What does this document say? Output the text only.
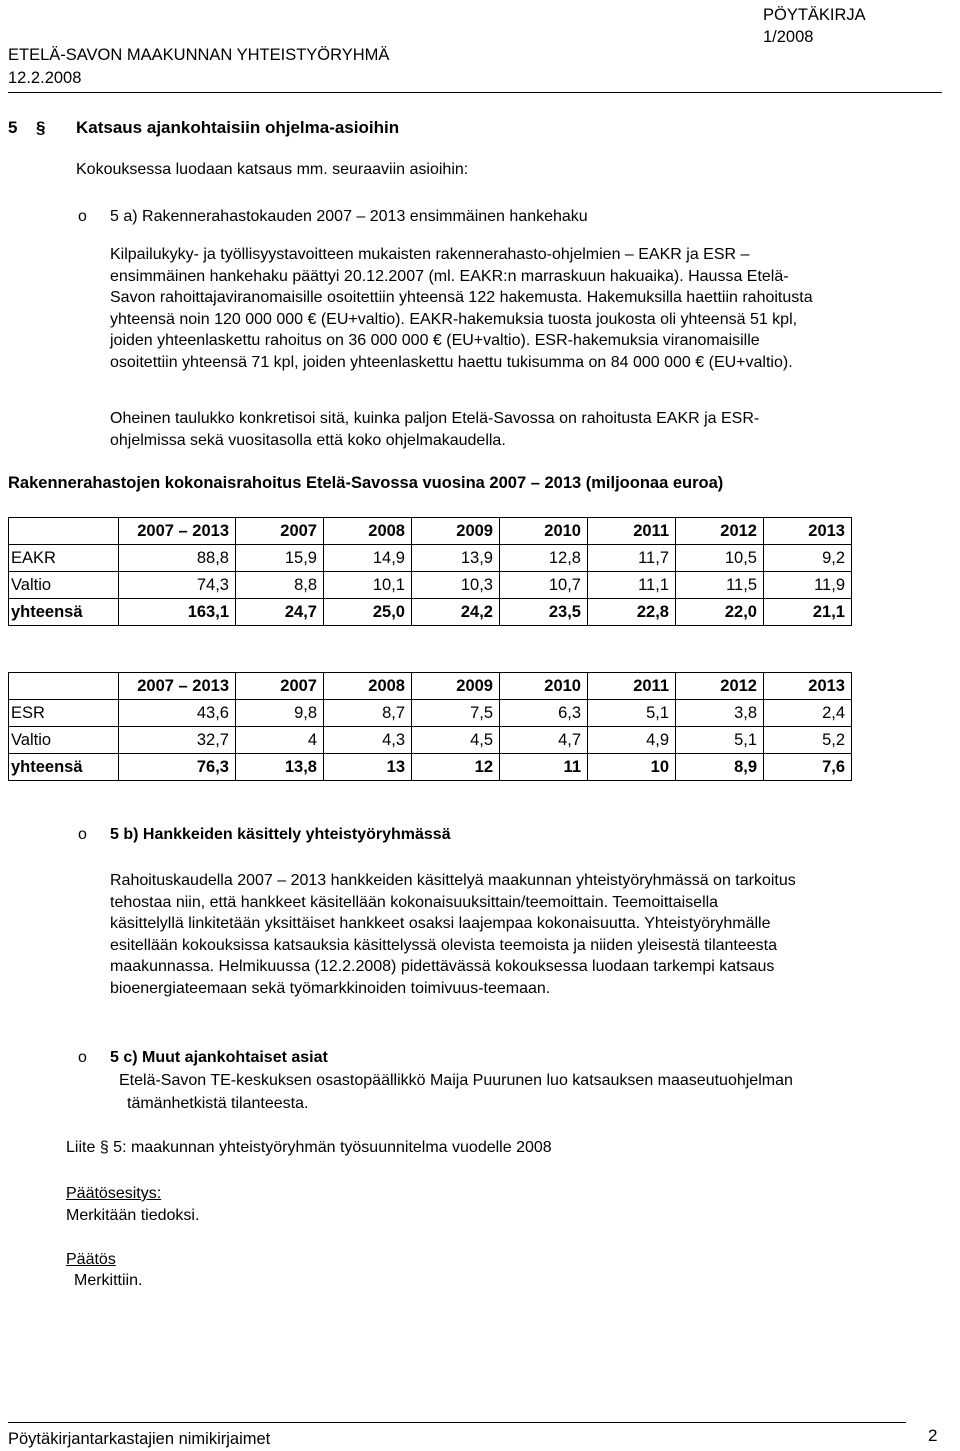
ETELÄ-SAVON MAAKUNNAN YHTEISTYÖRYHMÄ
12.2.2008
PÖYTÄKIRJA
1/2008
5 § Katsaus ajankohtaisiin ohjelma-asioihin
Kokouksessa luodaan katsaus mm. seuraaviin asioihin:
o 5 a) Rakennerahastokauden 2007 – 2013 ensimmäinen hankehaku
Kilpailukyky- ja työllisyystavoitteen mukaisten rakennerahasto-ohjelmien – EAKR ja ESR –
ensimmäinen hankehaku päättyi 20.12.2007 (ml. EAKR:n marraskuun hakuaika). Haussa Etelä-
Savon rahoittajaviranomaisille osoitettiin yhteensä 122 hakemusta. Hakemuksilla haettiin rahoitusta
yhteensä noin 120 000 000 € (EU+valtio). EAKR-hakemuksia tuosta joukosta oli yhteensä 51 kpl,
joiden yhteenlaskettu rahoitus on 36 000 000 € (EU+valtio). ESR-hakemuksia viranomaisille
osoitettiin yhteensä 71 kpl, joiden yhteenlaskettu haettu tukisumma on 84 000 000 € (EU+valtio).
Oheinen taulukko konkretisoi sitä, kuinka paljon Etelä-Savossa on rahoitusta EAKR ja ESR-
ohjelmissa sekä vuositasolla että koko ohjelmakaudella.
Rakennerahastojen kokonaisrahoitus Etelä-Savossa vuosina 2007 – 2013 (miljoonaa euroa)
	2007 – 2013	2007	2008	2009	2010	2011	2012	2013
EAKR	88,8	15,9	14,9	13,9	12,8	11,7	10,5	9,2
Valtio	74,3	8,8	10,1	10,3	10,7	11,1	11,5	11,9
yhteensä	163,1	24,7	25,0	24,2	23,5	22,8	22,0	21,1
	2007 – 2013	2007	2008	2009	2010	2011	2012	2013
ESR	43,6	9,8	8,7	7,5	6,3	5,1	3,8	2,4
Valtio	32,7	4	4,3	4,5	4,7	4,9	5,1	5,2
yhteensä	76,3	13,8	13	12	11	10	8,9	7,6
o 5 b) Hankkeiden käsittely yhteistyöryhmässä
Rahoituskaudella 2007 – 2013 hankkeiden käsittelyä maakunnan yhteistyöryhmässä on tarkoitus
tehostaa niin, että hankkeet käsitellään kokonaisuuksittain/teemoittain. Teemoittaisella
käsittelyllä linkitetään yksittäiset hankkeet osaksi laajempaa kokonaisuutta. Yhteistyöryhmälle
esitellään kokouksissa katsauksia käsittelyssä olevista teemoista ja niiden yleisestä tilanteesta
maakunnassa. Helmikuussa (12.2.2008) pidettävässä kokouksessa luodaan tarkempi katsaus
bioenergiateemaan sekä työmarkkinoiden toimivuus-teemaan.
o 5 c) Muut ajankohtaiset asiat
Etelä-Savon TE-keskuksen osastopäällikkö Maija Puurunen luo katsauksen maaseutuohjelman
tämänhetkistä tilanteesta.
Liite § 5: maakunnan yhteistyöryhmän työsuunnitelma vuodelle 2008
Päätösesitys:
Merkitään tiedoksi.
Päätös
Merkittiin.
Pöytäkirjantarkastajien nimikirjaimet	2
